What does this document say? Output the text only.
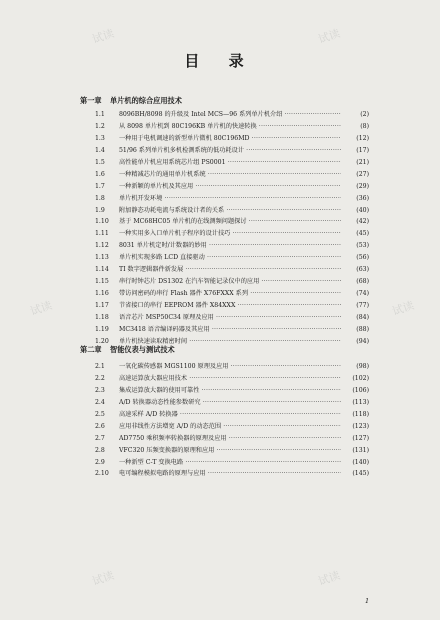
试读	试读
试读	试读
试读	试读
目 录
第一章 单片机的综合应用技术
1.1	8096BH/8098 的升级及 Intel MCS—96 系列单片机介绍 ·····	(2)
1.2	从 8098 单片机到 80C196KB 单片机的快速转换 ·····	(8)
1.3	一种用于电机调速的新型单片微机 80C196MD ·····	(12)
1.4	51/96 系列单片机多机检测系统的低功耗设计 ·····	(17)
1.5	高性能单片机应用系统芯片组 PS0001 ·····	(21)
1.6	一种精减芯片的通用单片机系统 ·····	(27)
1.7	一种新颖的单片机及其应用 ·····	(29)
1.8	单片机开发环境 ·····	(36)
1.9	附加静态功耗电流与系统设计者的关系 ·····	(40)
1.10	基于 MC68HC05 单片机的在线测频问题探讨 ·····	(42)
1.11	一种实用多入口单片机子程序的设计技巧 ·····	(45)
1.12	8031 单片机定时/计数器的妙用 ·····	(53)
1.13	单片机实现多路 LCD 直接驱动 ·····	(56)
1.14	TI 数字逻辑器件新发展 ·····	(63)
1.15	串行时钟芯片 DS1302 在汽车智能记录仪中的应用 ·····	(68)
1.16	带访问密码的串行 Flash 器件 X76FXXX 系列 ·····	(74)
1.17	节省接口的串行 EEPROM 器件 X84XXX ·····	(77)
1.18	语音芯片 MSP50C34 原理及应用 ·····	(84)
1.19	MC3418 语音编译码器及其应用 ·····	(88)
1.20	单片机快速读取精密时间 ·····	(94)
第二章 智能仪表与测试技术
2.1	一氧化碳传感器 MGS1100 原理及应用 ·····	(98)
2.2	高速运算放大器应用技术 ·····	(102)
2.3	集成运算放大器的使用可靠性 ·····	(106)
2.4	A/D 转换器动态性能参数研究 ·····	(113)
2.5	高速采样 A/D 转换器 ·····	(118)
2.6	应用非线性方法增宽 A/D 的动态范围 ·····	(123)
2.7	AD7750 乘积频率转换器的原理及应用 ·····	(127)
2.8	VFC320 压频变换器的原理和应用 ·····	(131)
2.9	一种新型 C-T 变换电路 ·····	(140)
2.10	电可编程模拟电路的原理与应用 ·····	(145)
1
